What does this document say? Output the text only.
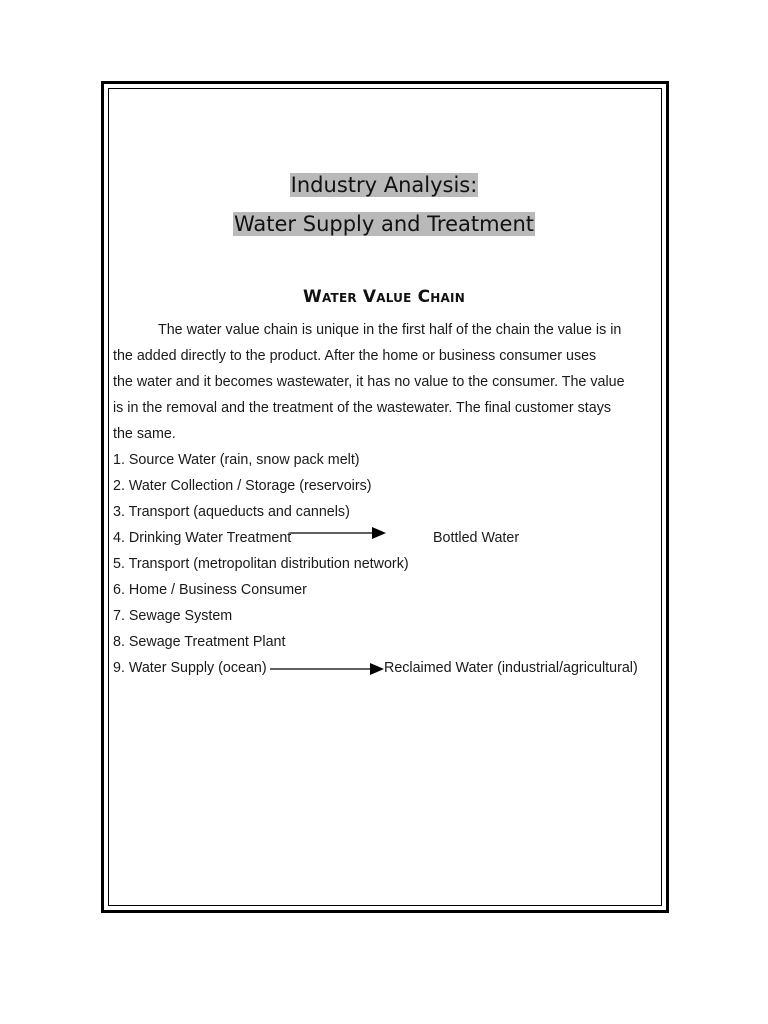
Industry Analysis:
Water Supply and Treatment
Water Value Chain
The water value chain is unique in the first half of the chain the value is in
the added directly to the product. After the home or business consumer uses
the water and it becomes wastewater, it has no value to the consumer. The value
is in the removal and the treatment of the wastewater. The final customer stays
the same.
1. Source Water (rain, snow pack melt)
2. Water Collection / Storage (reservoirs)
3. Transport (aqueducts and cannels)
4. Drinking Water Treatment
5. Transport (metropolitan distribution network)
6. Home / Business Consumer
7. Sewage System
8. Sewage Treatment Plant
9. Water Supply (ocean)
Bottled Water
Reclaimed Water (industrial/agricultural)
